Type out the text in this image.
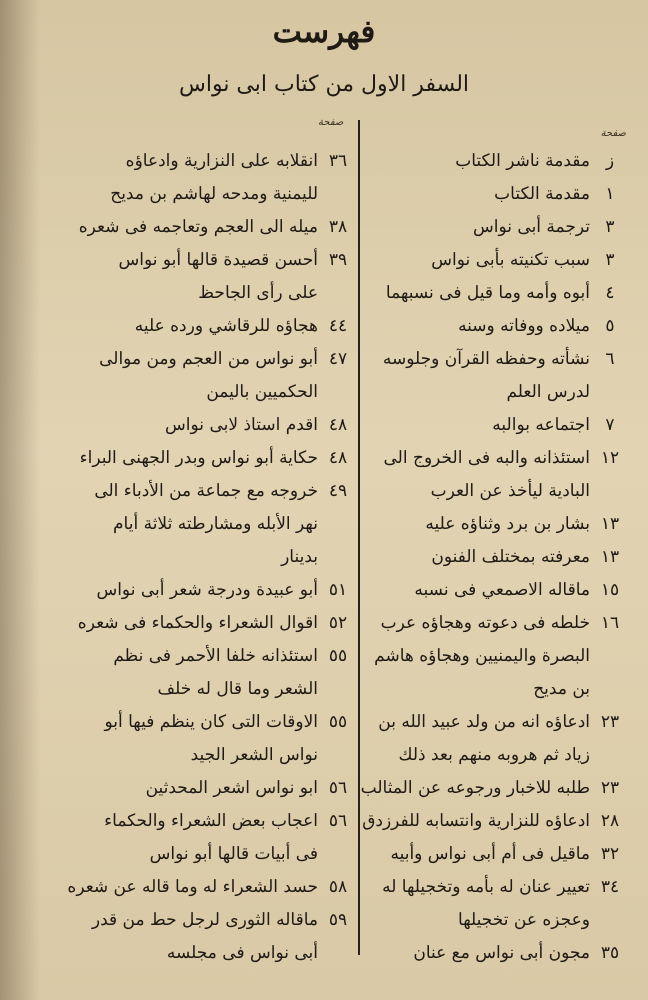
فهرست
السفر الاول من كتاب ابى نواس
صفحة
صفحة
ز
مقدمة ناشر الكتاب
١
مقدمة الكتاب
٣
ترجمة أبى نواس
٣
سبب تكنيته بأبى نواس
٤
أبوه وأمه وما قيل فى نسبهما
٥
ميلاده ووفاته وسنه
٦
نشأته وحفظه القرآن وجلوسه
لدرس العلم
٧
اجتماعه بوالبه
١٢
استئذانه والبه فى الخروج الى
البادية ليأخذ عن العرب
١٣
بشار بن برد وثناؤه عليه
١٣
معرفته بمختلف الفنون
١٥
ماقاله الاصمعي فى نسبه
١٦
خلطه فى دعوته وهجاؤه عرب
البصرة واليمنيين وهجاؤه هاشم
بن مديح
٢٣
ادعاؤه انه من ولد عبيد الله بن
زياد ثم هروبه منهم بعد ذلك
٢٣
طلبه للاخبار ورجوعه عن المثالب
٢٨
ادعاؤه للنزارية وانتسابه للفرزدق
٣٢
ماقيل فى أم أبى نواس وأبيه
٣٤
تعيير عنان له بأمه وتخجيلها له
وعجزه عن تخجيلها
٣٥
مجون أبى نواس مع عنان
٣٦
انقلابه على النزارية وادعاؤه
لليمنية ومدحه لهاشم بن مديح
٣٨
ميله الى العجم وتعاجمه فى شعره
٣٩
أحسن قصيدة قالها أبو نواس
على رأى الجاحظ
٤٤
هجاؤه للرقاشي ورده عليه
٤٧
أبو نواس من العجم ومن موالى
الحكميين باليمن
٤٨
اقدم استاذ لابى نواس
٤٨
حكاية أبو نواس وبدر الجهنى البراء
٤٩
خروجه مع جماعة من الأدباء الى
نهر الأبله ومشارطته ثلاثة أيام
بدينار
٥١
أبو عبيدة ودرجة شعر أبى نواس
٥٢
اقوال الشعراء والحكماء فى شعره
٥٥
استئذانه خلفا الأحمر فى نظم
الشعر وما قال له خلف
٥٥
الاوقات التى كان ينظم فيها أبو
نواس الشعر الجيد
٥٦
ابو نواس اشعر المحدثين
٥٦
اعجاب بعض الشعراء والحكماء
فى أبيات قالها أبو نواس
٥٨
حسد الشعراء له وما قاله عن شعره
٥٩
ماقاله الثورى لرجل حط من قدر
أبى نواس فى مجلسه
